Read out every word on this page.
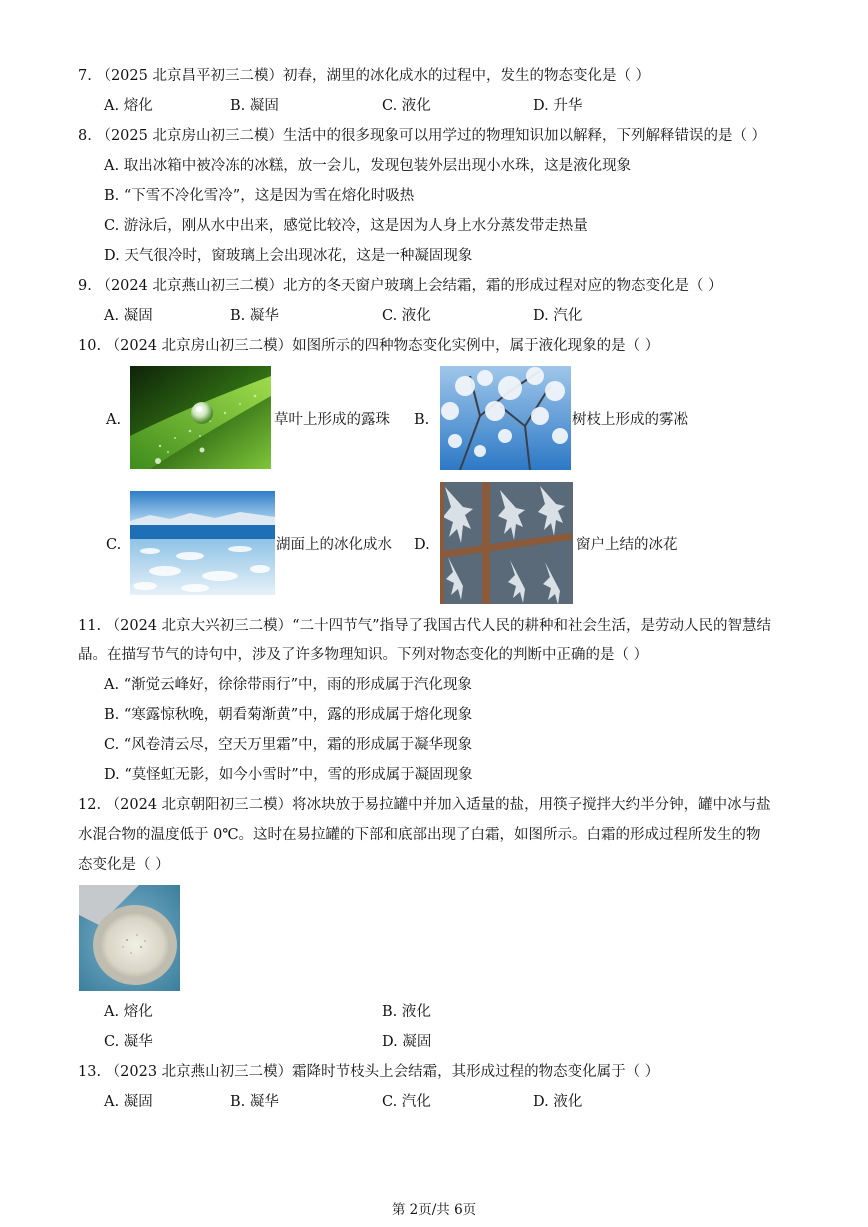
7. （2025 北京昌平初三二模）初春，湖里的冰化成水的过程中，发生的物态变化是（ ）
A. 熔化	B. 凝固	C. 液化	D. 升华
8. （2025 北京房山初三二模）生活中的很多现象可以用学过的物理知识加以解释，下列解释错误的是（ ）
A. 取出冰箱中被冷冻的冰糕，放一会儿，发现包装外层出现小水珠，这是液化现象
B. “下雪不冷化雪冷”，这是因为雪在熔化时吸热
C. 游泳后，刚从水中出来，感觉比较冷，这是因为人身上水分蒸发带走热量
D. 天气很冷时，窗玻璃上会出现冰花，这是一种凝固现象
9. （2024 北京燕山初三二模）北方的冬天窗户玻璃上会结霜，霜的形成过程对应的物态变化是（ ）
A. 凝固	B. 凝华	C. 液化	D. 汽化
10. （2024 北京房山初三二模）如图所示的四种物态变化实例中，属于液化现象的是（ ）
A.	草叶上形成的露珠 B.	树枝上形成的雾凇
C.	湖面上的冰化成水 D.	窗户上结的冰花
11. （2024 北京大兴初三二模）“二十四节气”指导了我国古代人民的耕种和社会生活，是劳动人民的智慧结
晶。在描写节气的诗句中，涉及了许多物理知识。下列对物态变化的判断中正确的是（ ）
A. “渐觉云峰好，徐徐带雨行”中，雨的形成属于汽化现象
B. “寒露惊秋晚，朝看菊渐黄”中，露的形成属于熔化现象
C. “风卷清云尽，空天万里霜”中，霜的形成属于凝华现象
D. “莫怪虹无影，如今小雪时”中，雪的形成属于凝固现象
12. （2024 北京朝阳初三二模）将冰块放于易拉罐中并加入适量的盐，用筷子搅拌大约半分钟，罐中冰与盐
水混合物的温度低于 0℃。这时在易拉罐的下部和底部出现了白霜，如图所示。白霜的形成过程所发生的物
态变化是（ ）
A. 熔化	B. 液化
C. 凝华	D. 凝固
13. （2023 北京燕山初三二模）霜降时节枝头上会结霜，其形成过程的物态变化属于（ ）
A. 凝固	B. 凝华	C. 汽化	D. 液化
第 2页/共 6页
